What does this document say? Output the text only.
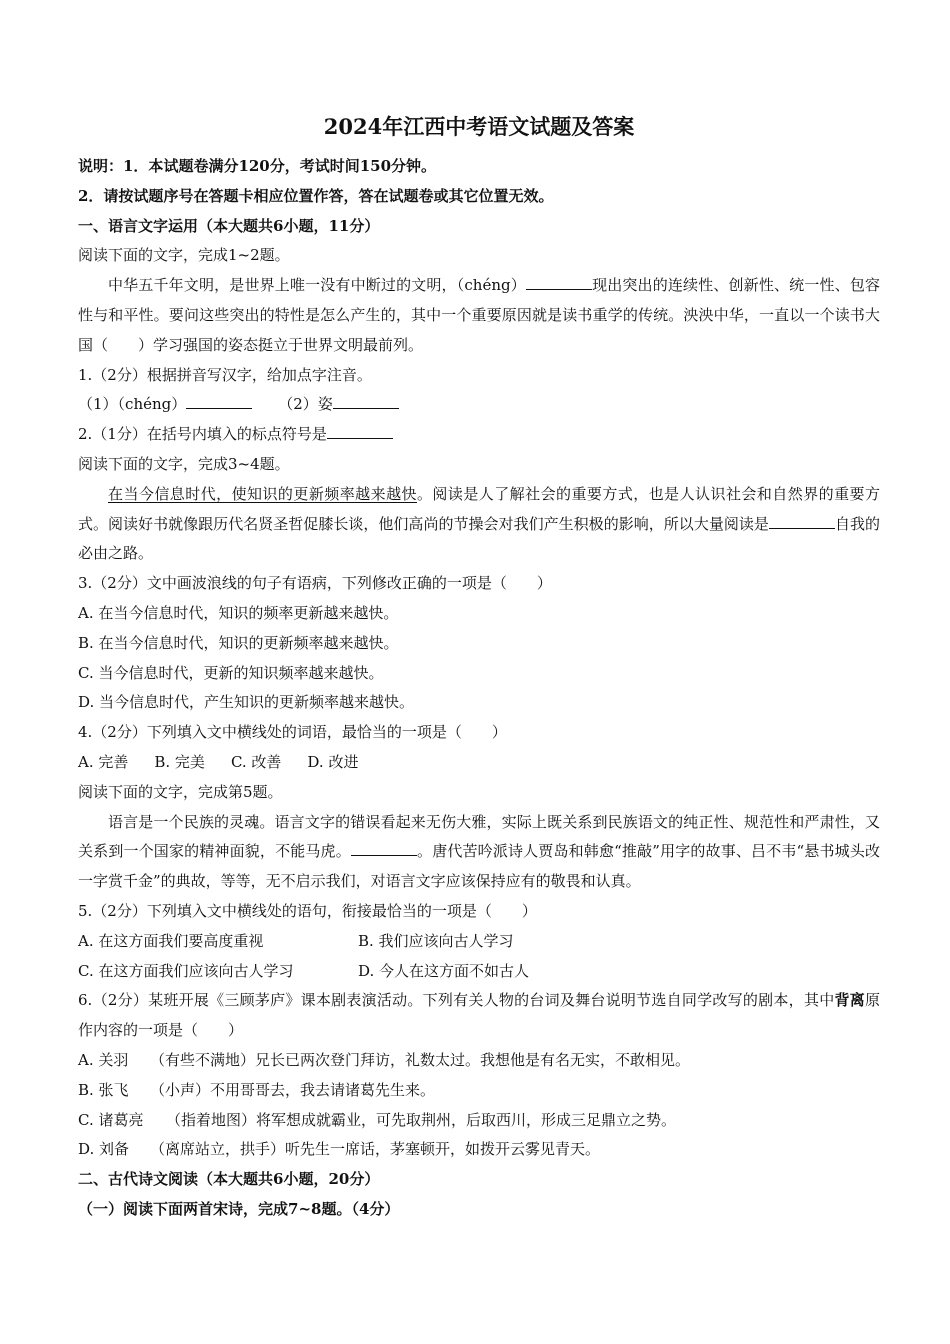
2024年江西中考语文试题及答案
说明：1．本试题卷满分120分，考试时间150分钟。
2．请按试题序号在答题卡相应位置作答，答在试题卷或其它位置无效。
一、语言文字运用（本大题共6小题，11分）
阅读下面的文字，完成1~2题。
中华五千年文明，是世界上唯一没有中断过的文明，（chéng）	现出突出的连续性、创新性、统一性、包容性与和平性。要问这些突出的特性是怎么产生的，其中一个重要原因就是读书重学的传统。泱泱中华，一直以一个读书大国（　　）学习强国的姿态挺立于世界文明最前列。
1.（2分）根据拼音写汉字，给加点字注音。
（1）（chéng）	（2）姿
2.（1分）在括号内填入的标点符号是
阅读下面的文字，完成3~4题。
在当今信息时代，使知识的更新频率越来越快。阅读是人了解社会的重要方式，也是人认识社会和自然界的重要方式。阅读好书就像跟历代名贤圣哲促膝长谈，他们高尚的节操会对我们产生积极的影响，所以大量阅读是	自我的必由之路。
3.（2分）文中画波浪线的句子有语病，下列修改正确的一项是（　　）
A. 在当今信息时代，知识的频率更新越来越快。
B. 在当今信息时代，知识的更新频率越来越快。
C. 当今信息时代，更新的知识频率越来越快。
D. 当今信息时代，产生知识的更新频率越来越快。
4.（2分）下列填入文中横线处的词语，最恰当的一项是（　　）
A. 完善 B. 完美 C. 改善 D. 改进
阅读下面的文字，完成第5题。
语言是一个民族的灵魂。语言文字的错误看起来无伤大雅，实际上既关系到民族语文的纯正性、规范性和严肃性，又关系到一个国家的精神面貌，不能马虎。	。唐代苦吟派诗人贾岛和韩愈“推敲”用字的故事、吕不韦“悬书城头改一字赏千金”的典故，等等，无不启示我们，对语言文字应该保持应有的敬畏和认真。
5.（2分）下列填入文中横线处的语句，衔接最恰当的一项是（　　）
A. 在这方面我们要高度重视	B. 我们应该向古人学习
C. 在这方面我们应该向古人学习	D. 今人在这方面不如古人
6.（2分）某班开展《三顾茅庐》课本剧表演活动。下列有关人物的台词及舞台说明节选自同学改写的剧本，其中背离原作内容的一项是（　　）
A. 关羽 （有些不满地）兄长已两次登门拜访，礼数太过。我想他是有名无实，不敢相见。
B. 张飞 （小声）不用哥哥去，我去请诸葛先生来。
C. 诸葛亮 （指着地图）将军想成就霸业，可先取荆州，后取西川，形成三足鼎立之势。
D. 刘备 （离席站立，拱手）听先生一席话，茅塞顿开，如拨开云雾见青天。
二、古代诗文阅读（本大题共6小题，20分）
（一）阅读下面两首宋诗，完成7~8题。（4分）
